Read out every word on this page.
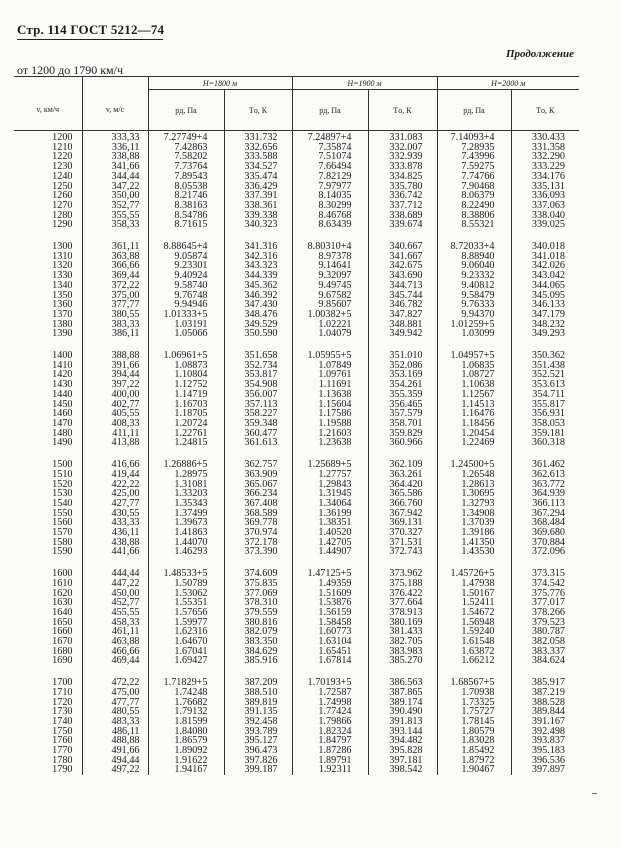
Стр. 114 ГОСТ 5212—74
Продолжение
от 1200 до 1790 км/ч
		H=1800 м		H=1900 м		H=2000 м	
v, км/ч	v, м/с	pд, Па	Tо, К	pд, Па	Tо, К	pд, Па	Tо, К
1200	333,33	7.27749+4	331.732	7.24897+4	331.083	7.14093+4	330.433
1210	336,11	7.42863	332.656	7.35874	332.007	7.28935	331.358
1220	338,88	7.58202	333.588	7.51074	332.939	7.43996	332.290
1230	341,66	7.73764	334.527	7.66494	333.878	7.59275	333.229
1240	344,44	7.89543	335.474	7.82129	334.825	7.74766	334.176
1250	347,22	8.05538	336.429	7.97977	335.780	7.90468	335.131
1260	350,00	8.21746	337.391	8.14035	336.742	8.06379	336.093
1270	352,77	8.38163	338.361	8.30299	337.712	8.22490	337.063
1280	355,55	8.54786	339.338	8.46768	338.689	8.38806	338.040
1290	358,33	8.71615	340.323	8.63439	339.674	8.55321	339.025

1300	361,11	8.88645+4	341.316	8.80310+4	340.667	8.72033+4	340.018
1310	363,88	9.05874	342.316	8.97378	341.667	8.88940	341.018
1320	366,66	9.23301	343.323	9.14641	342.675	9.06040	342.026
1330	369,44	9.40924	344.339	9.32097	343.690	9.23332	343.042
1340	372,22	9.58740	345.362	9.49745	344.713	9.40812	344.065
1350	375,00	9.76748	346.392	9.67582	345.744	9.58479	345.095
1360	377,77	9.94946	347.430	9.85607	346.782	9.76333	346.133
1370	380,55	1.01333+5	348.476	1.00382+5	347.827	9.94370	347.179
1380	383,33	1.03191	349.529	1.02221	348.881	1.01259+5	348.232
1390	386,11	1.05066	350.590	1.04079	349.942	1.03099	349.293

1400	388,88	1.06961+5	351.658	1.05955+5	351.010	1.04957+5	350.362
1410	391,66	1.08873	352.734	1.07849	352.086	1.06835	351.438
1420	394,44	1.10804	353.817	1.09761	353.169	1.08727	352.521
1430	397,22	1.12752	354.908	1.11691	354.261	1.10638	353.613
1440	400,00	1.14719	356.007	1.13638	355.359	1.12567	354.711
1450	402,77	1.16703	357.113	1.15604	356.465	1.14513	355.817
1460	405,55	1.18705	358.227	1.17586	357.579	1.16476	356.931
1470	408,33	1.20724	359.348	1.19588	358.701	1.18456	358.053
1480	411,11	1.22761	360.477	1.21603	359.829	1.20454	359.181
1490	413,88	1.24815	361.613	1.23638	360.966	1.22469	360.318

1500	416,66	1.26886+5	362.757	1.25689+5	362.109	1.24500+5	361.462
1510	419,44	1.28975	363.909	1.27757	363.261	1.26548	362.613
1520	422,22	1.31081	365.067	1.29843	364.420	1.28613	363.772
1530	425,00	1.33203	366.234	1.31945	365.586	1.30695	364.939
1540	427,77	1.35343	367.408	1.34064	366.760	1.32793	366.113
1550	430,55	1.37499	368.589	1.36199	367.942	1.34908	367.294
1560	433,33	1.39673	369.778	1.38351	369.131	1.37039	368.484
1570	436,11	1.41863	370.974	1.40520	370.327	1.39186	369.680
1580	438,88	1.44070	372.178	1.42705	371.531	1.41350	370.884
1590	441,66	1.46293	373.390	1.44907	372.743	1.43530	372.096

1600	444,44	1.48533+5	374.609	1.47125+5	373.962	1.45726+5	373.315
1610	447,22	1.50789	375.835	1.49359	375.188	1.47938	374.542
1620	450,00	1.53062	377.069	1.51609	376.422	1.50167	375.776
1630	452,77	1.55351	378.310	1.53876	377.664	1.52411	377.017
1640	455,55	1.57656	379.559	1.56159	378.913	1.54672	378.266
1650	458,33	1.59977	380.816	1.58458	380.169	1.56948	379.523
1660	461,11	1.62316	382.079	1.60773	381.433	1.59240	380.787
1670	463,88	1.64670	383.350	1.63104	382.705	1.61548	382.058
1680	466,66	1.67041	384.629	1.65451	383.983	1.63872	383.337
1690	469,44	1.69427	385.916	1.67814	385.270	1.66212	384.624

1700	472,22	1.71829+5	387.209	1.70193+5	386.563	1.68567+5	385.917
1710	475,00	1.74248	388.510	1.72587	387.865	1.70938	387.219
1720	477,77	1.76682	389.819	1.74998	389.174	1.73325	388.528
1730	480,55	1.79132	391.135	1.77424	390.490	1.75727	389.844
1740	483,33	1.81599	392.458	1.79866	391.813	1.78145	391.167
1750	486,11	1.84080	393.789	1.82324	393.144	1.80579	392.498
1760	488,88	1.86579	395.127	1.84797	394.482	1.83028	393.837
1770	491,66	1.89092	396.473	1.87286	395.828	1.85492	395.183
1780	494,44	1.91622	397.826	1.89791	397.181	1.87972	396.536
1790	497,22	1.94167	399.187	1.92311	398.542	1.90467	397.897
